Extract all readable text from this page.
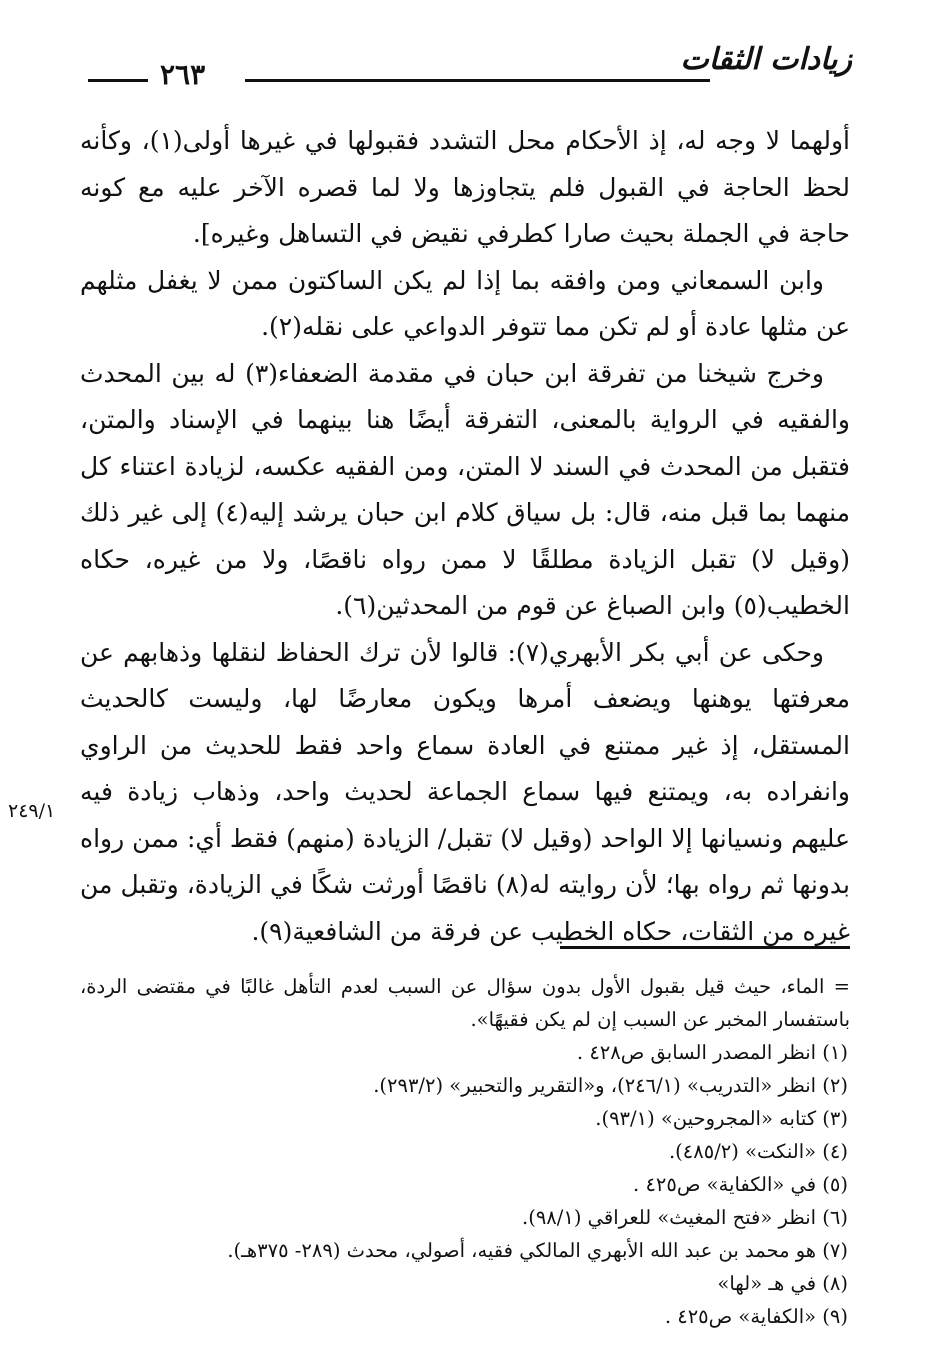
زيادات الثقات
٢٦٣

أولهما لا وجه له، إذ الأحكام محل التشدد فقبولها في غيرها أولى(١)، وكأنه لحظ الحاجة في القبول فلم يتجاوزها ولا لما قصره الآخر عليه مع كونه حاجة في الجملة بحيث صارا كطرفي نقيض في التساهل وغيره].

وابن السمعاني ومن وافقه بما إذا لم يكن الساكتون ممن لا يغفل مثلهم عن مثلها عادة أو لم تكن مما تتوفر الدواعي على نقله(٢).

وخرج شيخنا من تفرقة ابن حبان في مقدمة الضعفاء(٣) له بين المحدث والفقيه في الرواية بالمعنى، التفرقة أيضًا هنا بينهما في الإسناد والمتن، فتقبل من المحدث في السند لا المتن، ومن الفقيه عكسه، لزيادة اعتناء كل منهما بما قبل منه، قال: بل سياق كلام ابن حبان يرشد إليه(٤) إلى غير ذلك (وقيل لا) تقبل الزيادة مطلقًا لا ممن رواه ناقصًا، ولا من غيره، حكاه الخطيب(٥) وابن الصباغ عن قوم من المحدثين(٦).

وحكى عن أبي بكر الأبهري(٧): قالوا لأن ترك الحفاظ لنقلها وذهابهم عن معرفتها يوهنها ويضعف أمرها ويكون معارضًا لها، وليست كالحديث المستقل، إذ غير ممتنع في العادة سماع واحد فقط للحديث من الراوي وانفراده به، ويمتنع فيها سماع الجماعة لحديث واحد، وذهاب زيادة فيه عليهم ونسيانها إلا الواحد (وقيل لا) تقبل/ الزيادة (منهم) فقط أي: ممن رواه بدونها ثم رواه بها؛ لأن روايته له(٨) ناقصًا أورثت شكًا في الزيادة، وتقبل من غيره من الثقات، حكاه الخطيب عن فرقة من الشافعية(٩).

٢٤٩/١

= الماء، حيث قيل بقبول الأول بدون سؤال عن السبب لعدم التأهل غالبًا في مقتضى الردة، باستفسار المخبر عن السبب إن لم يكن فقيهًا».

(١) انظر المصدر السابق ص٤٢٨ .

(٢) انظر «التدريب» (٢٤٦/١)، و«التقرير والتحبير» (٢٩٣/٢).

(٣) كتابه «المجروحين» (٩٣/١).

(٤) «النكت» (٤٨٥/٢).

(٥) في «الكفاية» ص٤٢٥ .

(٦) انظر «فتح المغيث» للعراقي (٩٨/١).

(٧) هو محمد بن عبد الله الأبهري المالكي فقيه، أصولي، محدث (٢٨٩- ٣٧٥هـ).

(٨) في هـ «لها»

(٩) «الكفاية» ص٤٢٥ .
